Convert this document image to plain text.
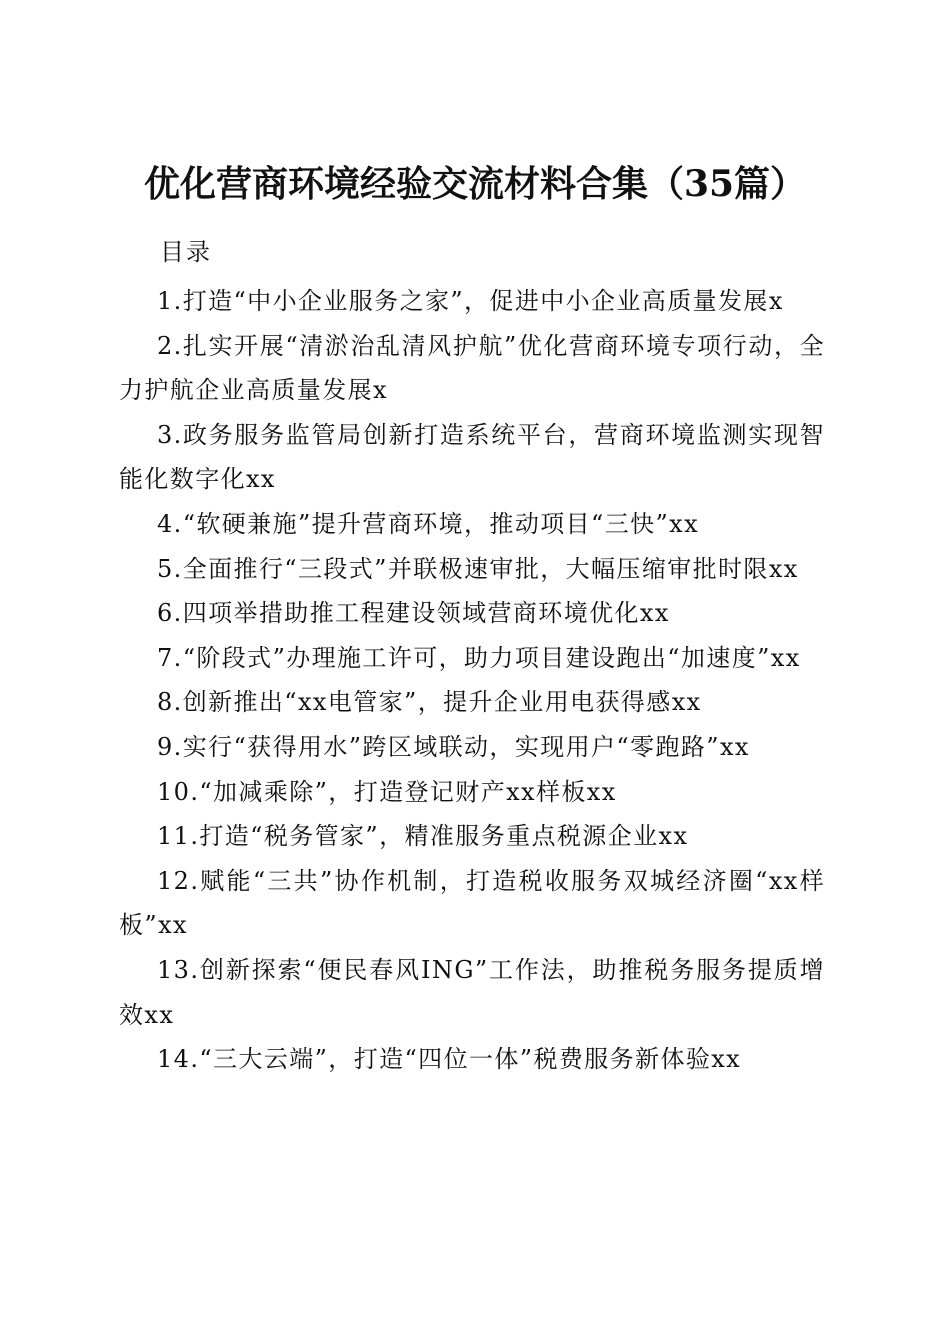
优化营商环境经验交流材料合集（35篇）
目录
1.打造“中小企业服务之家”，促进中小企业高质量发展x
2.扎实开展“清淤治乱清风护航”优化营商环境专项行动，全力护航企业高质量发展x
3.政务服务监管局创新打造系统平台，营商环境监测实现智能化数字化xx
4.“软硬兼施”提升营商环境，推动项目“三快”xx
5.全面推行“三段式”并联极速审批，大幅压缩审批时限xx
6.四项举措助推工程建设领域营商环境优化xx
7.“阶段式”办理施工许可，助力项目建设跑出“加速度”xx
8.创新推出“xx电管家”，提升企业用电获得感xx
9.实行“获得用水”跨区域联动，实现用户“零跑路”xx
10.“加减乘除”，打造登记财产xx样板xx
11.打造“税务管家”，精准服务重点税源企业xx
12.赋能“三共”协作机制，打造税收服务双城经济圈“xx样板”xx
13.创新探索“便民春风ING”工作法，助推税务服务提质增效xx
14.“三大云端”，打造“四位一体”税费服务新体验xx
